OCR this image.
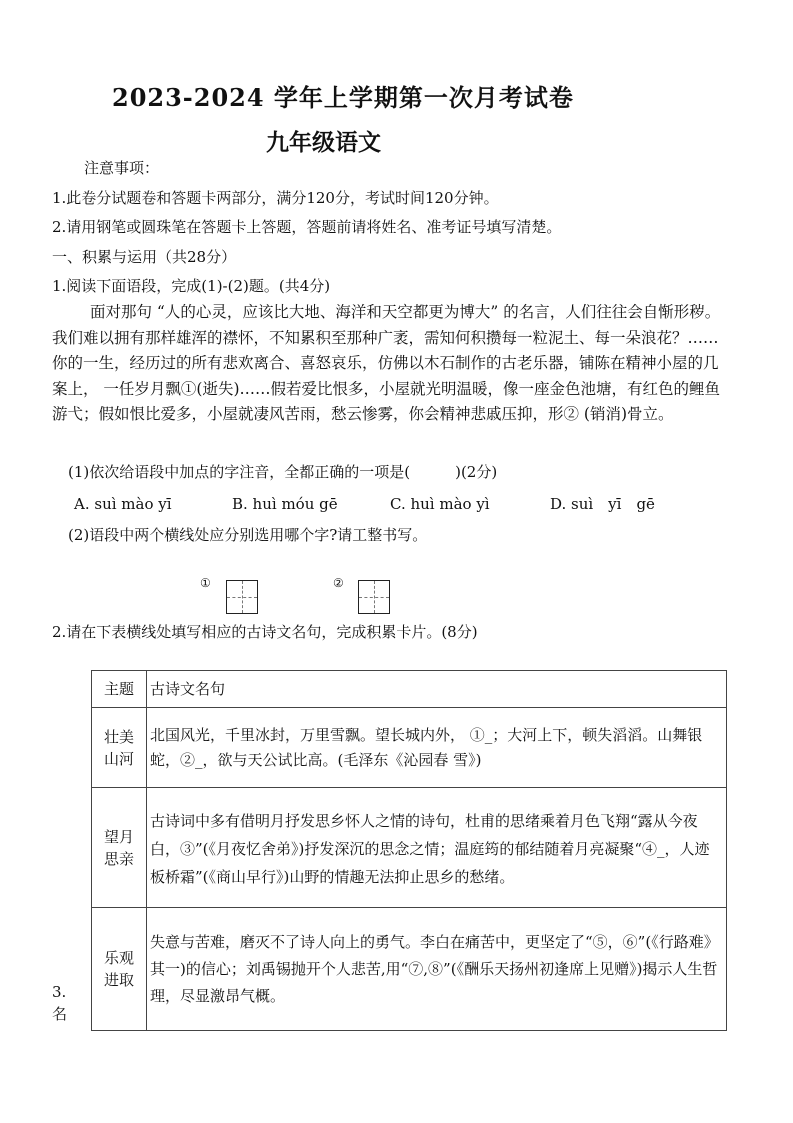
2023-2024 学年上学期第一次月考试卷
九年级语文
注意事项：
1.此卷分试题卷和答题卡两部分，满分120分，考试时间120分钟。
2.请用钢笔或圆珠笔在答题卡上答题，答题前请将姓名、准考证号填写清楚。
一、积累与运用（共28分）
1.阅读下面语段，完成(1)-(2)题。(共4分)
面对那句 “人的心灵，应该比大地、海洋和天空都更为博大” 的名言，人们往往会自惭形秽。我们难以拥有那样雄浑的襟怀，不知累积至那种广袤，需知何积攒每一粒泥土、每一朵浪花？……你的一生，经历过的所有悲欢离合、喜怒哀乐，仿佛以木石制作的古老乐器，铺陈在精神小屋的几案上， 一任岁月飘①(逝失)……假若爱比恨多，小屋就光明温暖，像一座金色池塘，有红色的鲤鱼游弋；假如恨比爱多，小屋就凄风苦雨，愁云惨雾，你会精神悲戚压抑，形② (销消)骨立。
(1)依次给语段中加点的字注音，全都正确的一项是(　　　)(2分)
A. suì mào yī	B. huì móu gē	C. huì mào yì	D. suì　yī　gē
(2)语段中两个横线处应分别选用哪个字?请工整书写。
①	②
2.请在下表横线处填写相应的古诗文名句，完成积累卡片。(8分)
主题	古诗文名句

壮美山河	北国风光，千里冰封，万里雪飘。望长城内外， ①_；大河上下，顿失滔滔。山舞银蛇，②_，欲与天公试比高。(毛泽东《沁园春 雪》)

望月思亲	古诗词中多有借明月抒发思乡怀人之情的诗句，杜甫的思绪乘着月色飞翔“露从今夜白，③”(《月夜忆舍弟》)抒发深沉的思念之情；温庭筠的郁结随着月亮凝聚“④_，人迹板桥霜”(《商山早行》)山野的情趣无法抑止思乡的愁绪。

乐观进取	失意与苦难，磨灭不了诗人向上的勇气。李白在痛苦中，更坚定了“⑤，⑥”(《行路难》其一)的信心；刘禹锡抛开个人悲苦,用“⑦,⑧”(《酬乐天扬州初逢席上见赠》)揭示人生哲理，尽显激昂气概。
3.
名
